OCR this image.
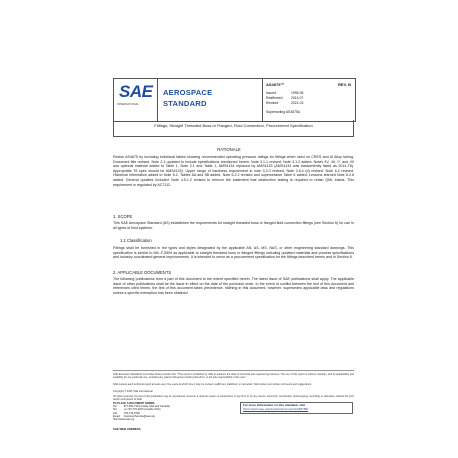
SAE
INTERNATIONAL
AEROSPACE
STANDARD
AS4875™	REV. B
Issued	1995-05
Reaffirmed 2015-07
Revised	2021-03
Superseding AS4875A
Fittings, Straight Threaded Boss or Flanged, Fluid Connection, Procurement Specification
RATIONALE
Revise AS4875 by including individual tables showing recommended operating pressure ratings for fittings when used on CRES and Al Alloy tubing. Document title revised. Note 2.1 updated to include specifications mentioned herein. Note 3.1.1 revised. Note 3.1.2 added. Notes /IV, /III, /?, and /IX and optional material added to Table 1. Note 2.1 and Table 1, AMS4134 replaced by AMS4133 (AMS4134 was inadvertently listed as 2014-T6). Appropriate T6 spec should be AMS4133). Upper range of hardness requirement in note 3.3.3 revised. Note 3.6.4 (d) revised. Note 6.2 revised. Historical information added to Note 6.2. Tables 5A and 5B added. Note 6.2.2 revised and supersession Table 6 added. Lessons learned Note 6.2.8 added. General updates included. Note 4.5.1.2 revised to remove the statement that destructive testing is required to retain QML status. This requirement is regulated by AC7112.
1. SCOPE
This SAE Aerospace Standard (AS) establishes the requirements for straight threaded boss or flanged fluid connection fittings (see Section 6) for use in all types of fluid systems.
1.1 Classification
Fittings shall be furnished in the types and styles designated by the applicable AN, AS, MS, NAS, or other engineering standard drawings. This specification is similar to MIL-F-5509 as applicable to straight threaded boss or flanged fittings including updated materials and process specifications and industry coordinated general improvements. It is intended to serve as a procurement specification for the fittings described herein and in Section 6.
2. APPLICABLE DOCUMENTS
The following publications form a part of this document to the extent specified herein. The latest issue of SAE publications shall apply. The applicable issue of other publications shall be the issue in effect on the date of the purchase order. In the event of conflict between the text of this document and references cited herein, the text of this document takes precedence. Nothing in this document, however, supersedes applicable laws and regulations unless a specific exemption has been obtained.
SAE Executive Standards Committee Rules provide that: "This report is published by SAE to advance the state of technical and engineering sciences. The use of this report is entirely voluntary, and its applicability and suitability for any particular use, including any patent infringement arising therefrom, is the sole responsibility of the user."
SAE reviews each technical report at least every five years at which time it may be revised, reaffirmed, stabilized, or cancelled. SAE invites your written comments and suggestions.
Copyright © 2021 SAE International
All rights reserved. No part of this publication may be reproduced, stored in a retrieval system or transmitted, in any form or by any means, electronic, mechanical, photocopying, recording, or otherwise, without the prior written permission of SAE.
TO PLACE A DOCUMENT ORDER:
Tel:	877-606-7323 (inside USA and Canada)
Tel:	+1 724-776-4970 (outside USA)
Fax: 724-776-0790
Email: CustomerService@sae.org
http://www.sae.org
For more information on this standard, visit
https://www.sae.org/standards/content/AS4875B/
SAE WEB ADDRESS:
